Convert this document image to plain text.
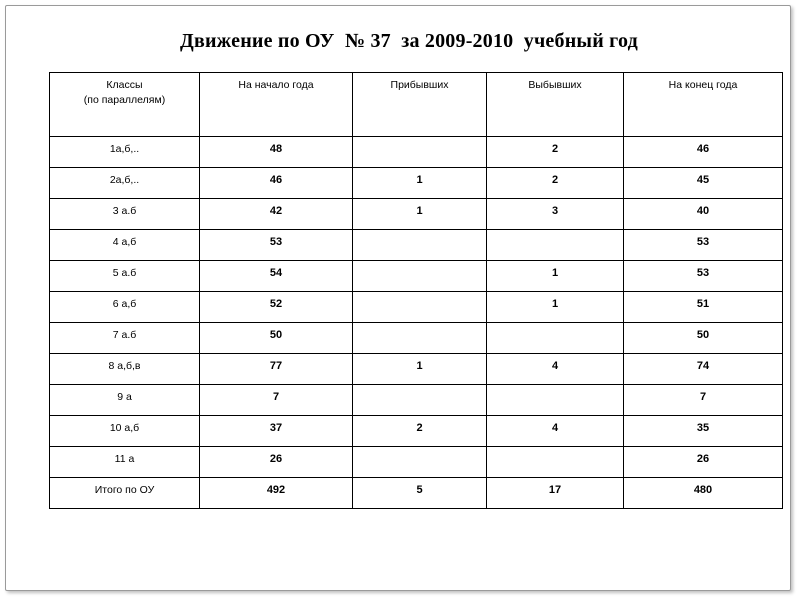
Движение по ОУ  № 37  за 2009-2010  учебный год
Классы
(по параллелям)	На начало года	Прибывших	Выбывших	На конец года
1а,б,..	48		2	46
2а,б,..	46	1	2	45
3 а.б	42	1	3	40
4 а,б	53			53
5 а.б	54		1	53
6 а,б	52		1	51
7 а.б	50			50
8 а,б,в	77	1	4	74
9 а	7			7
10 а,б	37	2	4	35
11 а	26			26
Итого по ОУ	492	5	17	480
